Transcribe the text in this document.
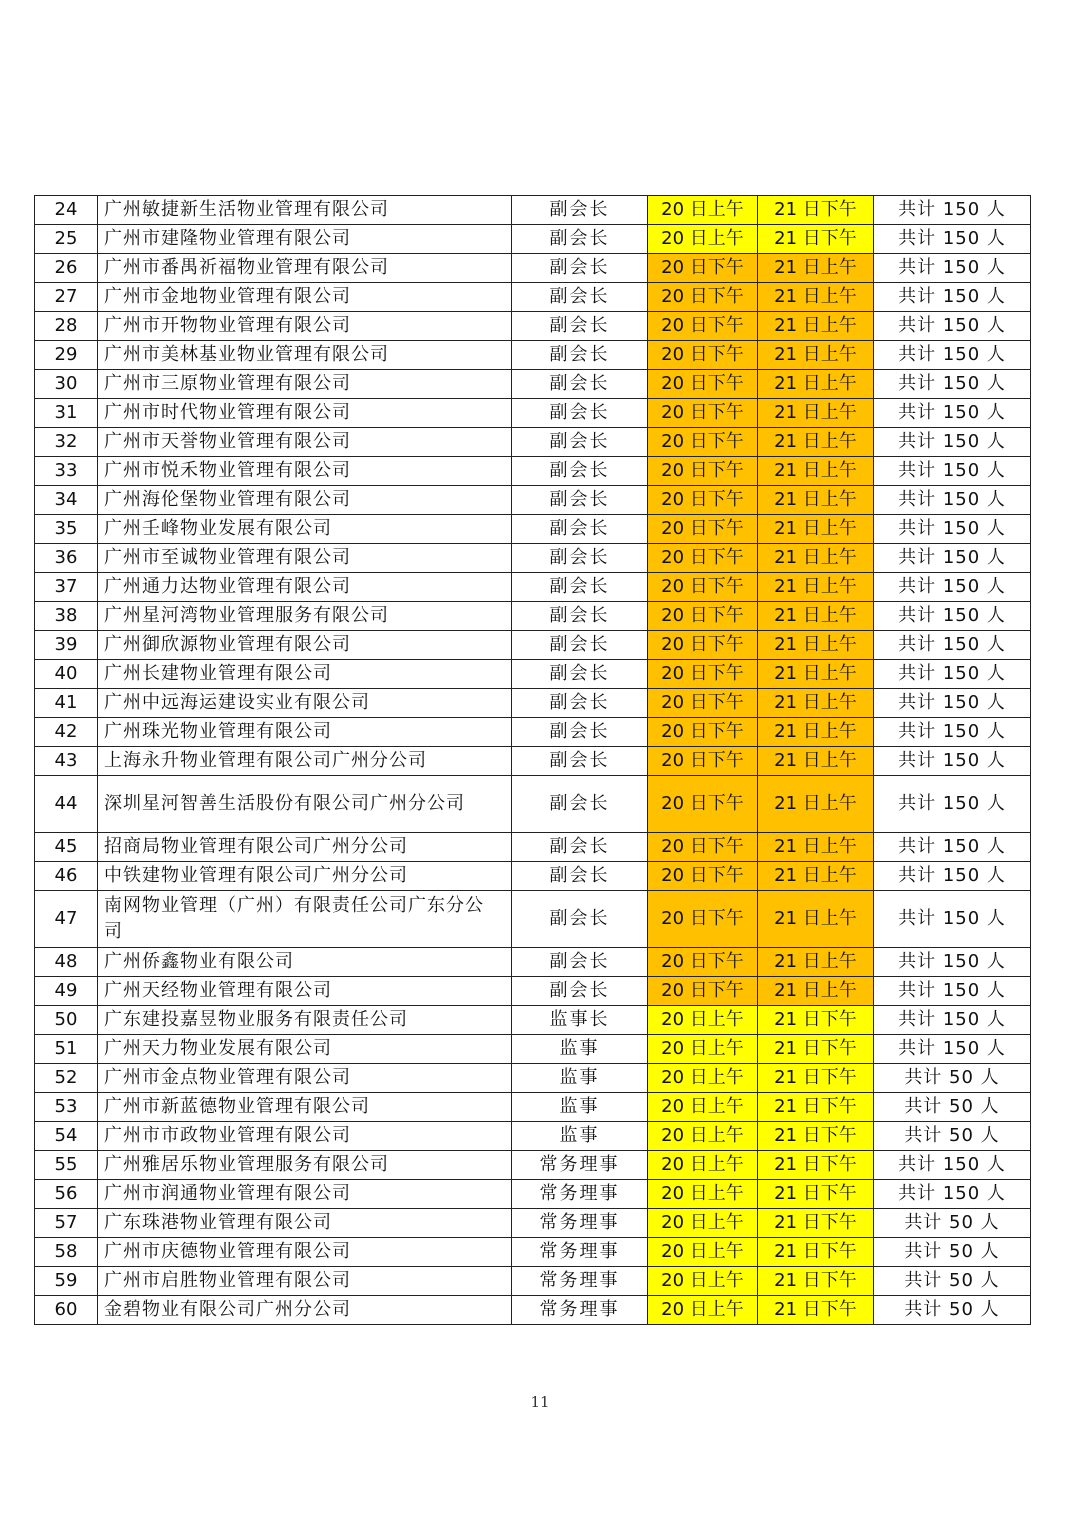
24	广州敏捷新生活物业管理有限公司	副会长	20 日上午	21 日下午	共计 150 人
25	广州市建隆物业管理有限公司	副会长	20 日上午	21 日下午	共计 150 人
26	广州市番禺祈福物业管理有限公司	副会长	20 日下午	21 日上午	共计 150 人
27	广州市金地物业管理有限公司	副会长	20 日下午	21 日上午	共计 150 人
28	广州市开物物业管理有限公司	副会长	20 日下午	21 日上午	共计 150 人
29	广州市美林基业物业管理有限公司	副会长	20 日下午	21 日上午	共计 150 人
30	广州市三原物业管理有限公司	副会长	20 日下午	21 日上午	共计 150 人
31	广州市时代物业管理有限公司	副会长	20 日下午	21 日上午	共计 150 人
32	广州市天誉物业管理有限公司	副会长	20 日下午	21 日上午	共计 150 人
33	广州市悦禾物业管理有限公司	副会长	20 日下午	21 日上午	共计 150 人
34	广州海伦堡物业管理有限公司	副会长	20 日下午	21 日上午	共计 150 人
35	广州壬峰物业发展有限公司	副会长	20 日下午	21 日上午	共计 150 人
36	广州市至诚物业管理有限公司	副会长	20 日下午	21 日上午	共计 150 人
37	广州通力达物业管理有限公司	副会长	20 日下午	21 日上午	共计 150 人
38	广州星河湾物业管理服务有限公司	副会长	20 日下午	21 日上午	共计 150 人
39	广州御欣源物业管理有限公司	副会长	20 日下午	21 日上午	共计 150 人
40	广州长建物业管理有限公司	副会长	20 日下午	21 日上午	共计 150 人
41	广州中远海运建设实业有限公司	副会长	20 日下午	21 日上午	共计 150 人
42	广州珠光物业管理有限公司	副会长	20 日下午	21 日上午	共计 150 人
43	上海永升物业管理有限公司广州分公司	副会长	20 日下午	21 日上午	共计 150 人
44	深圳星河智善生活股份有限公司广州分公司	副会长	20 日下午	21 日上午	共计 150 人
45	招商局物业管理有限公司广州分公司	副会长	20 日下午	21 日上午	共计 150 人
46	中铁建物业管理有限公司广州分公司	副会长	20 日下午	21 日上午	共计 150 人
47	南网物业管理（广州）有限责任公司广东分公司	副会长	20 日下午	21 日上午	共计 150 人
48	广州侨鑫物业有限公司	副会长	20 日下午	21 日上午	共计 150 人
49	广州天经物业管理有限公司	副会长	20 日下午	21 日上午	共计 150 人
50	广东建投嘉昱物业服务有限责任公司	监事长	20 日上午	21 日下午	共计 150 人
51	广州天力物业发展有限公司	监事	20 日上午	21 日下午	共计 150 人
52	广州市金点物业管理有限公司	监事	20 日上午	21 日下午	共计 50 人
53	广州市新蓝德物业管理有限公司	监事	20 日上午	21 日下午	共计 50 人
54	广州市市政物业管理有限公司	监事	20 日上午	21 日下午	共计 50 人
55	广州雅居乐物业管理服务有限公司	常务理事	20 日上午	21 日下午	共计 150 人
56	广州市润通物业管理有限公司	常务理事	20 日上午	21 日下午	共计 150 人
57	广东珠港物业管理有限公司	常务理事	20 日上午	21 日下午	共计 50 人
58	广州市庆德物业管理有限公司	常务理事	20 日上午	21 日下午	共计 50 人
59	广州市启胜物业管理有限公司	常务理事	20 日上午	21 日下午	共计 50 人
60	金碧物业有限公司广州分公司	常务理事	20 日上午	21 日下午	共计 50 人
11
